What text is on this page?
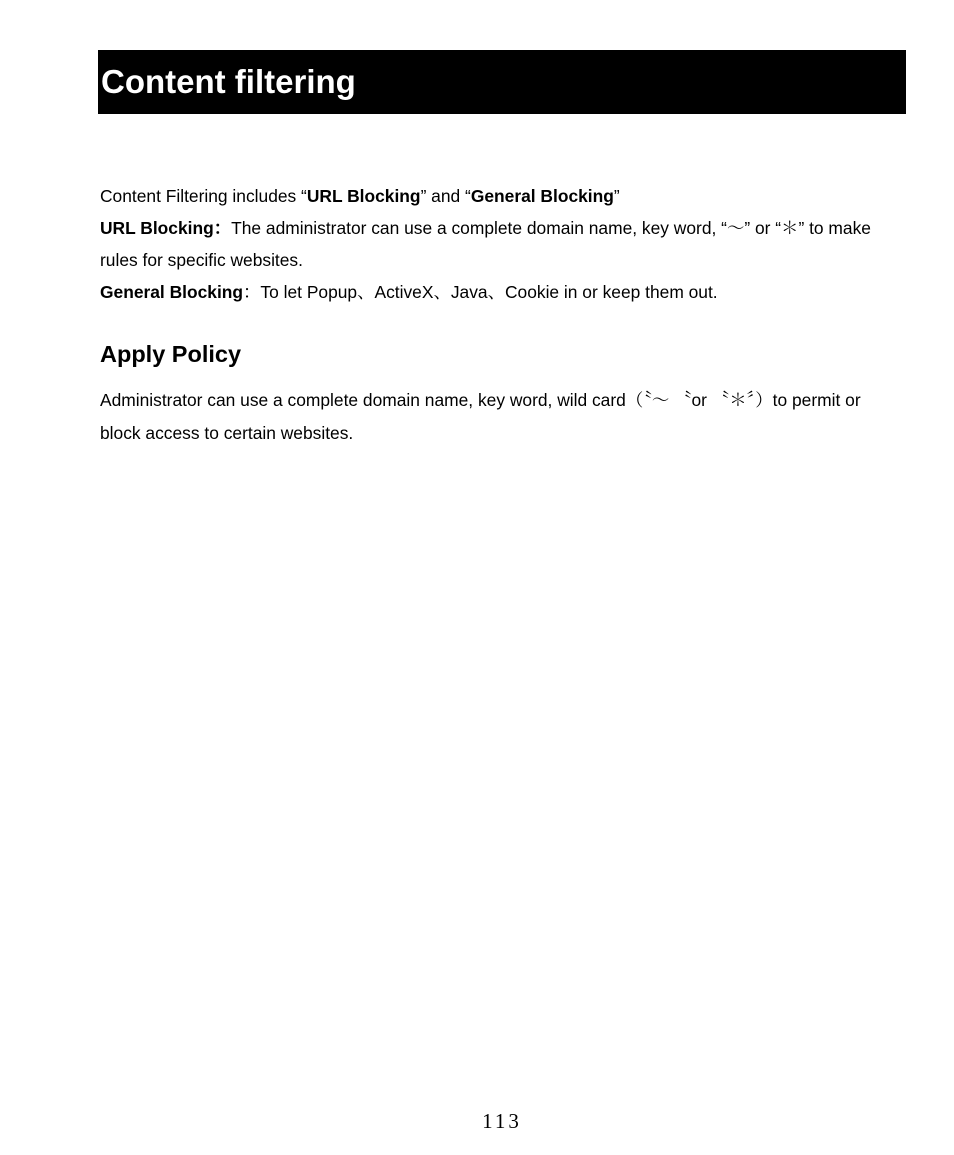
Content filtering

Content Filtering includes “URL Blocking” and “General Blocking”

URL Blocking：The administrator can use a complete domain name, key word, “～” or “＊” to make rules for specific websites.

General Blocking：To let Popup、ActiveX、Java、Cookie in or keep them out.

Apply Policy

Administrator can use a complete domain name, key word, wild card（〝～ 〝or 〝＊〞）to permit or block access to certain websites.

113
